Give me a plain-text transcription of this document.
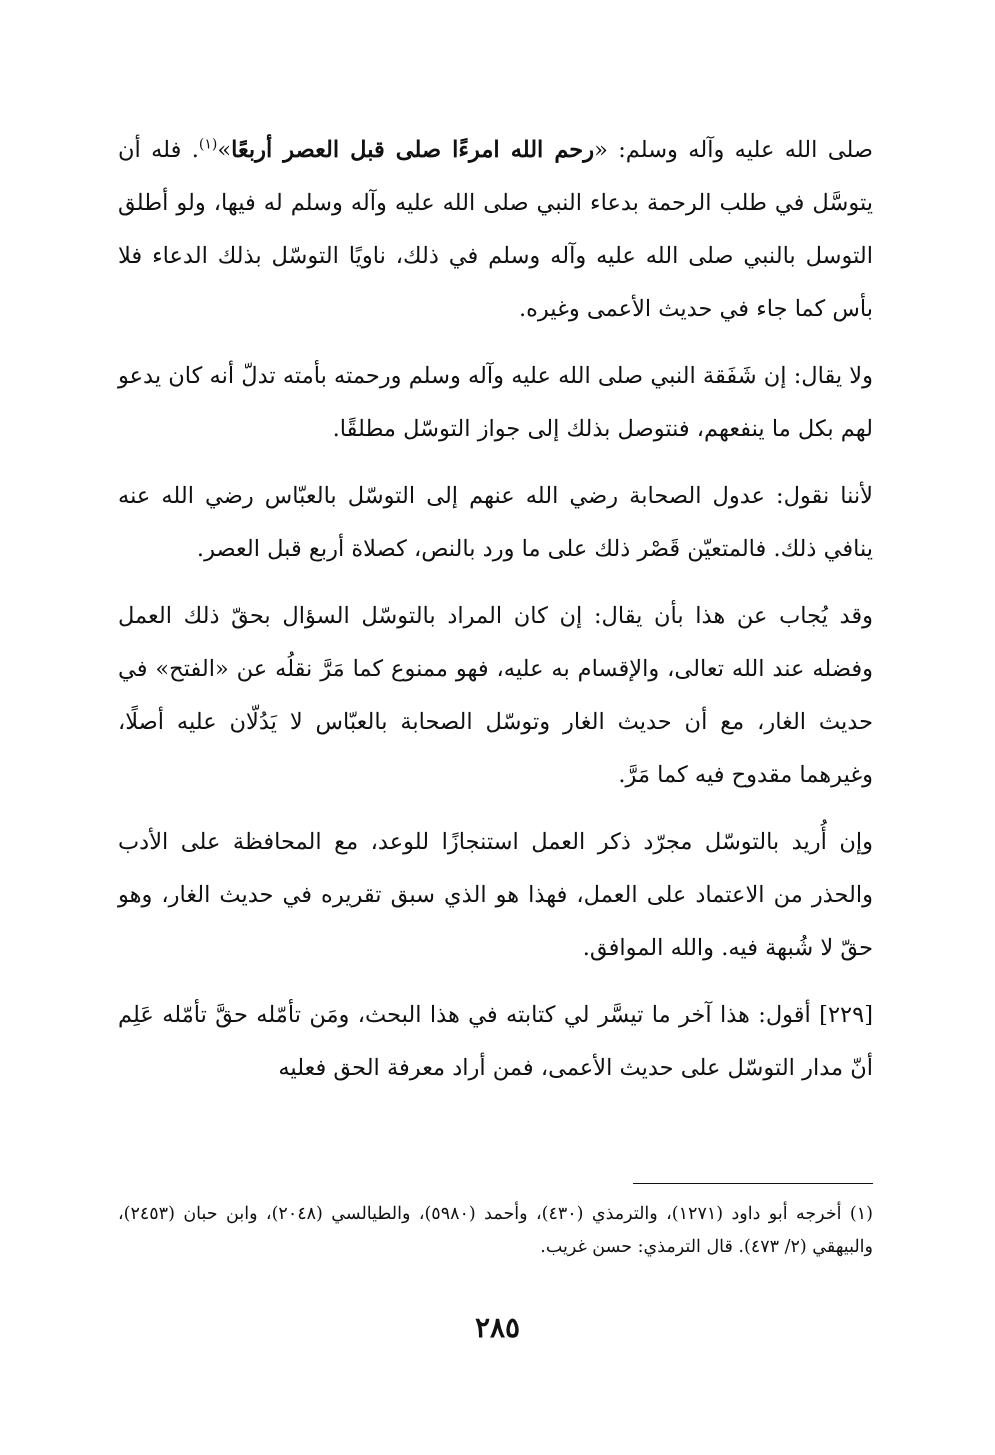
صلى الله عليه وآله وسلم: «رحم الله امرءًا صلى قبل العصر أربعًا»$^{(١)}$. فله أن يتوسَّل في طلب الرحمة بدعاء النبي صلى الله عليه وآله وسلم له فيها، ولو أطلق التوسل بالنبي صلى الله عليه وآله وسلم في ذلك، ناويًا التوسّل بذلك الدعاء فلا بأس كما جاء في حديث الأعمى وغيره.

ولا يقال: إن شَفَقة النبي صلى الله عليه وآله وسلم ورحمته بأمته تدلّ أنه كان يدعو لهم بكل ما ينفعهم، فنتوصل بذلك إلى جواز التوسّل مطلقًا.

لأننا نقول: عدول الصحابة رضي الله عنهم إلى التوسّل بالعبّاس رضي الله عنه ينافي ذلك. فالمتعيّن قَصْر ذلك على ما ورد بالنص، كصلاة أربع قبل العصر.

وقد يُجاب عن هذا بأن يقال: إن كان المراد بالتوسّل السؤال بحقّ ذلك العمل وفضله عند الله تعالى، والإقسام به عليه، فهو ممنوع كما مَرَّ نقلُه عن «الفتح» في حديث الغار، مع أن حديث الغار وتوسّل الصحابة بالعبّاس لا يَدُلّان عليه أصلًا، وغيرهما مقدوح فيه كما مَرَّ.

وإن أُريد بالتوسّل مجرّد ذكر العمل استنجازًا للوعد، مع المحافظة على الأدب والحذر من الاعتماد على العمل، فهذا هو الذي سبق تقريره في حديث الغار، وهو حقّ لا شُبهة فيه. والله الموافق.

[٢٢٩] أقول: هذا آخر ما تيسَّر لي كتابته في هذا البحث، ومَن تأمّله حقَّ تأمّله عَلِم أنّ مدار التوسّل على حديث الأعمى، فمن أراد معرفة الحق فعليه

(١) أخرجه أبو داود (١٢٧١)، والترمذي (٤٣٠)، وأحمد (٥٩٨٠)، والطيالسي (٢٠٤٨)، وابن حبان (٢٤٥٣)، والبيهقي (٢/ ٤٧٣). قال الترمذي: حسن غريب.

٢٨٥
